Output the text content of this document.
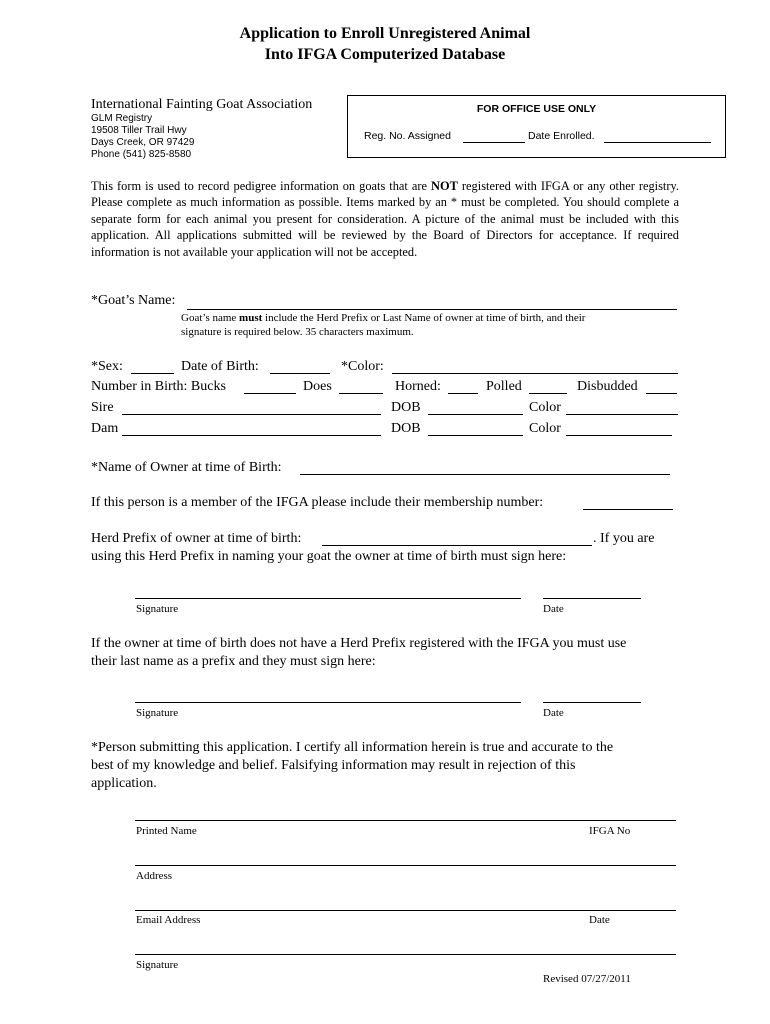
Application to Enroll Unregistered Animal
Into IFGA Computerized Database
International Fainting Goat Association
GLM Registry
19508 Tiller Trail Hwy
Days Creek, OR 97429
Phone (541) 825-8580
FOR OFFICE USE ONLY
Reg. No. Assigned	Date Enrolled.
This form is used to record pedigree information on goats that are NOT registered with IFGA or any other registry. Please complete as much information as possible. Items marked by an * must be completed. You should complete a separate form for each animal you present for consideration. A picture of the animal must be included with this application. All applications submitted will be reviewed by the Board of Directors for acceptance. If required information is not available your application will not be accepted.
*Goat’s Name:
Goat’s name must include the Herd Prefix or Last Name of owner at time of birth, and their
signature is required below. 35 characters maximum.
*Sex:	Date of Birth:	*Color:
Number in Birth: Bucks	Does	Horned:	Polled	Disbudded
Sire	DOB	Color
Dam	DOB	Color
*Name of Owner at time of Birth:
If this person is a member of the IFGA please include their membership number:
Herd Prefix of owner at time of birth:	. If you are
using this Herd Prefix in naming your goat the owner at time of birth must sign here:
Signature	Date
If the owner at time of birth does not have a Herd Prefix registered with the IFGA you must use
their last name as a prefix and they must sign here:
Signature	Date
*Person submitting this application. I certify all information herein is true and accurate to the
best of my knowledge and belief. Falsifying information may result in rejection of this
application.
Printed Name	IFGA No
Address
Email Address	Date
Signature
Revised 07/27/2011
